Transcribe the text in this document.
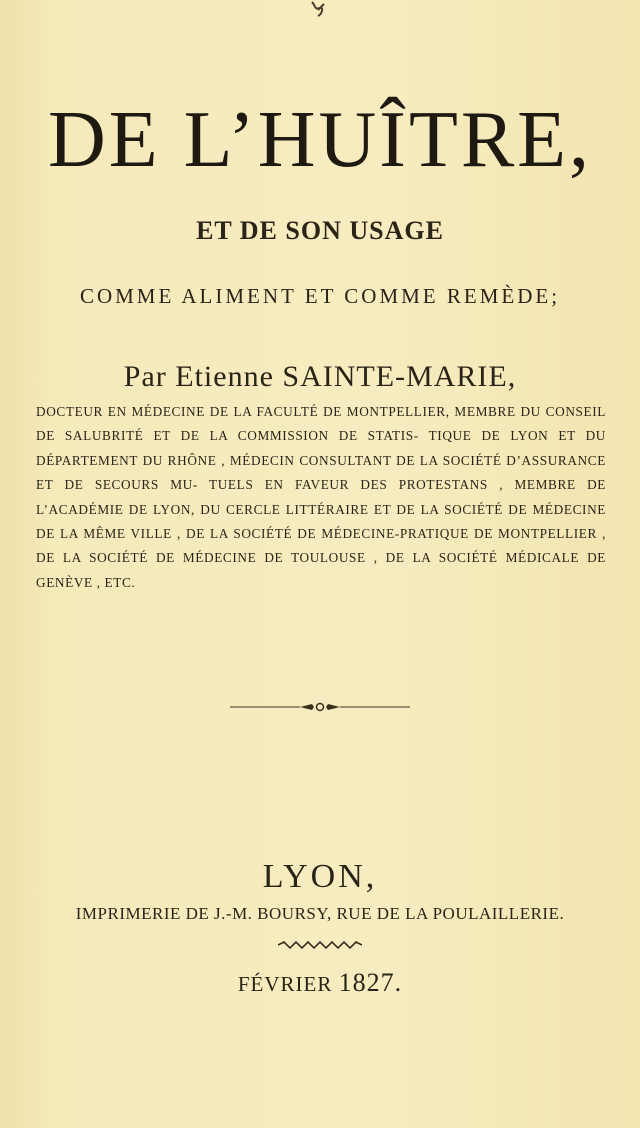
DE L’HUÎTRE,
ET DE SON USAGE
COMME ALIMENT ET COMME REMÈDE;
Par Etienne SAINTE-MARIE,
DOCTEUR EN MÉDECINE DE LA FACULTÉ DE MONTPELLIER, MEMBRE DU CONSEIL DE SALUBRITÉ ET DE LA COMMISSION DE STATIS- TIQUE DE LYON ET DU DÉPARTEMENT DU RHÔNE , MÉDECIN CONSULTANT DE LA SOCIÉTÉ D’ASSURANCE ET DE SECOURS MU- TUELS EN FAVEUR DES PROTESTANS , MEMBRE DE L’ACADÉMIE DE LYON, DU CERCLE LITTÉRAIRE ET DE LA SOCIÉTÉ DE MÉDECINE DE LA MÊME VILLE , DE LA SOCIÉTÉ DE MÉDECINE-PRATIQUE DE MONTPELLIER , DE LA SOCIÉTÉ DE MÉDECINE DE TOULOUSE , DE LA SOCIÉTÉ MÉDICALE DE GENÈVE , ETC.
LYON,
IMPRIMERIE DE J.-M. BOURSY, RUE DE LA POULAILLERIE.
FÉVRIER 1827.
